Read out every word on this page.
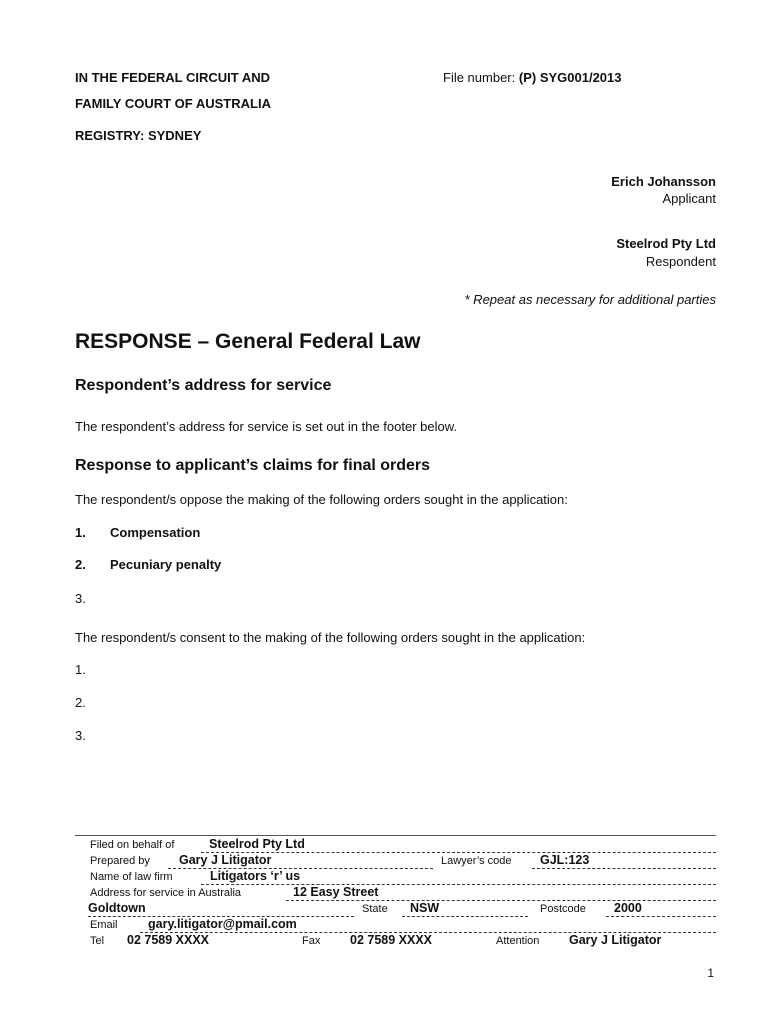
IN THE FEDERAL CIRCUIT AND
FAMILY COURT OF AUSTRALIA
REGISTRY: SYDNEY
File number: (P) SYG001/2013
Erich Johansson
Applicant
Steelrod Pty Ltd
Respondent
* Repeat as necessary for additional parties
RESPONSE – General Federal Law
Respondent’s address for service
The respondent’s address for service is set out in the footer below.
Response to applicant’s claims for final orders
The respondent/s oppose the making of the following orders sought in the application:
1. Compensation
2. Pecuniary penalty
3.
The respondent/s consent to the making of the following orders sought in the application:
1.
2.
3.
Filed on behalf of	Steelrod Pty Ltd
Prepared by Gary J Litigator	Lawyer’s code GJL:123
Name of law firm	Litigators ‘r’ us
Address for service in Australia	12 Easy Street
Goldtown	State NSW	Postcode 2000
Email gary.litigator@pmail.com
Tel 02 7589 XXXX	Fax 02 7589 XXXX	Attention Gary J Litigator
1
